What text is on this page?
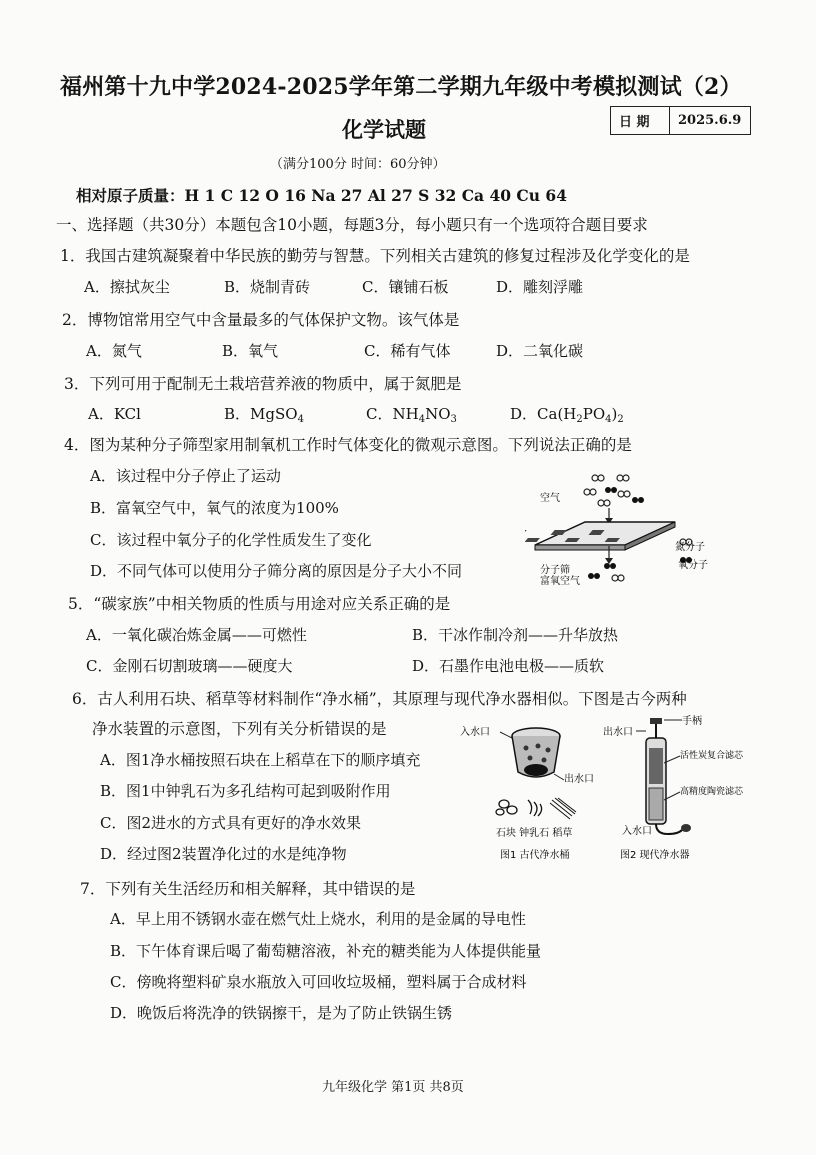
福州第十九中学2024-2025学年第二学期九年级中考模拟测试（2）
化学试题	日 期	2025.6.9
（满分100分 时间：60分钟）
相对原子质量：H 1 C 12 O 16 Na 27 Al 27 S 32 Ca 40 Cu 64
一、选择题（共30分）本题包含10小题，每题3分，每小题只有一个选项符合题目要求
1．我国古建筑凝聚着中华民族的勤劳与智慧。下列相关古建筑的修复过程涉及化学变化的是
A．擦拭灰尘	B．烧制青砖	C．镶铺石板	D．雕刻浮雕
2．博物馆常用空气中含量最多的气体保护文物。该气体是
A．氮气	B．氧气	C．稀有气体	D．二氧化碳
3．下列可用于配制无土栽培营养液的物质中，属于氮肥是
A．KCl	B．MgSO$_4$	C．$NH_4NO_3$	D．$Ca(H_2PO_4)_2$
4．图为某种分子筛型家用制氧机工作时气体变化的微观示意图。下列说法正确的是
A．该过程中分子停止了运动
B．富氧空气中，氧气的浓度为100%
C．该过程中氧分子的化学性质发生了变化
D．不同气体可以使用分子筛分离的原因是分子大小不同
空气
氮分子
氧分子
分子筛
富氧空气
5．“碳家族”中相关物质的性质与用途对应关系正确的是
A．一氧化碳冶炼金属——可燃性	B．干冰作制冷剂——升华放热
C．金刚石切割玻璃——硬度大	D．石墨作电池电极——质软
6．古人利用石块、稻草等材料制作“净水桶”，其原理与现代净水器相似。下图是古今两种
净水装置的示意图，下列有关分析错误的是
A．图1净水桶按照石块在上稻草在下的顺序填充
B．图1中钟乳石为多孔结构可起到吸附作用
C．图2进水的方式具有更好的净水效果
D．经过图2装置净化过的水是纯净物
入水口
出水口
石块 钟乳石 稻草
图1 古代净水桶
出水口
手柄
活性炭复合滤芯
高精度陶瓷滤芯
入水口
图2 现代净水器
7．下列有关生活经历和相关解释，其中错误的是
A．早上用不锈钢水壶在燃气灶上烧水，利用的是金属的导电性
B．下午体育课后喝了葡萄糖溶液，补充的糖类能为人体提供能量
C．傍晚将塑料矿泉水瓶放入可回收垃圾桶，塑料属于合成材料
D．晚饭后将洗净的铁锅擦干，是为了防止铁锅生锈
九年级化学 第1页 共8页
